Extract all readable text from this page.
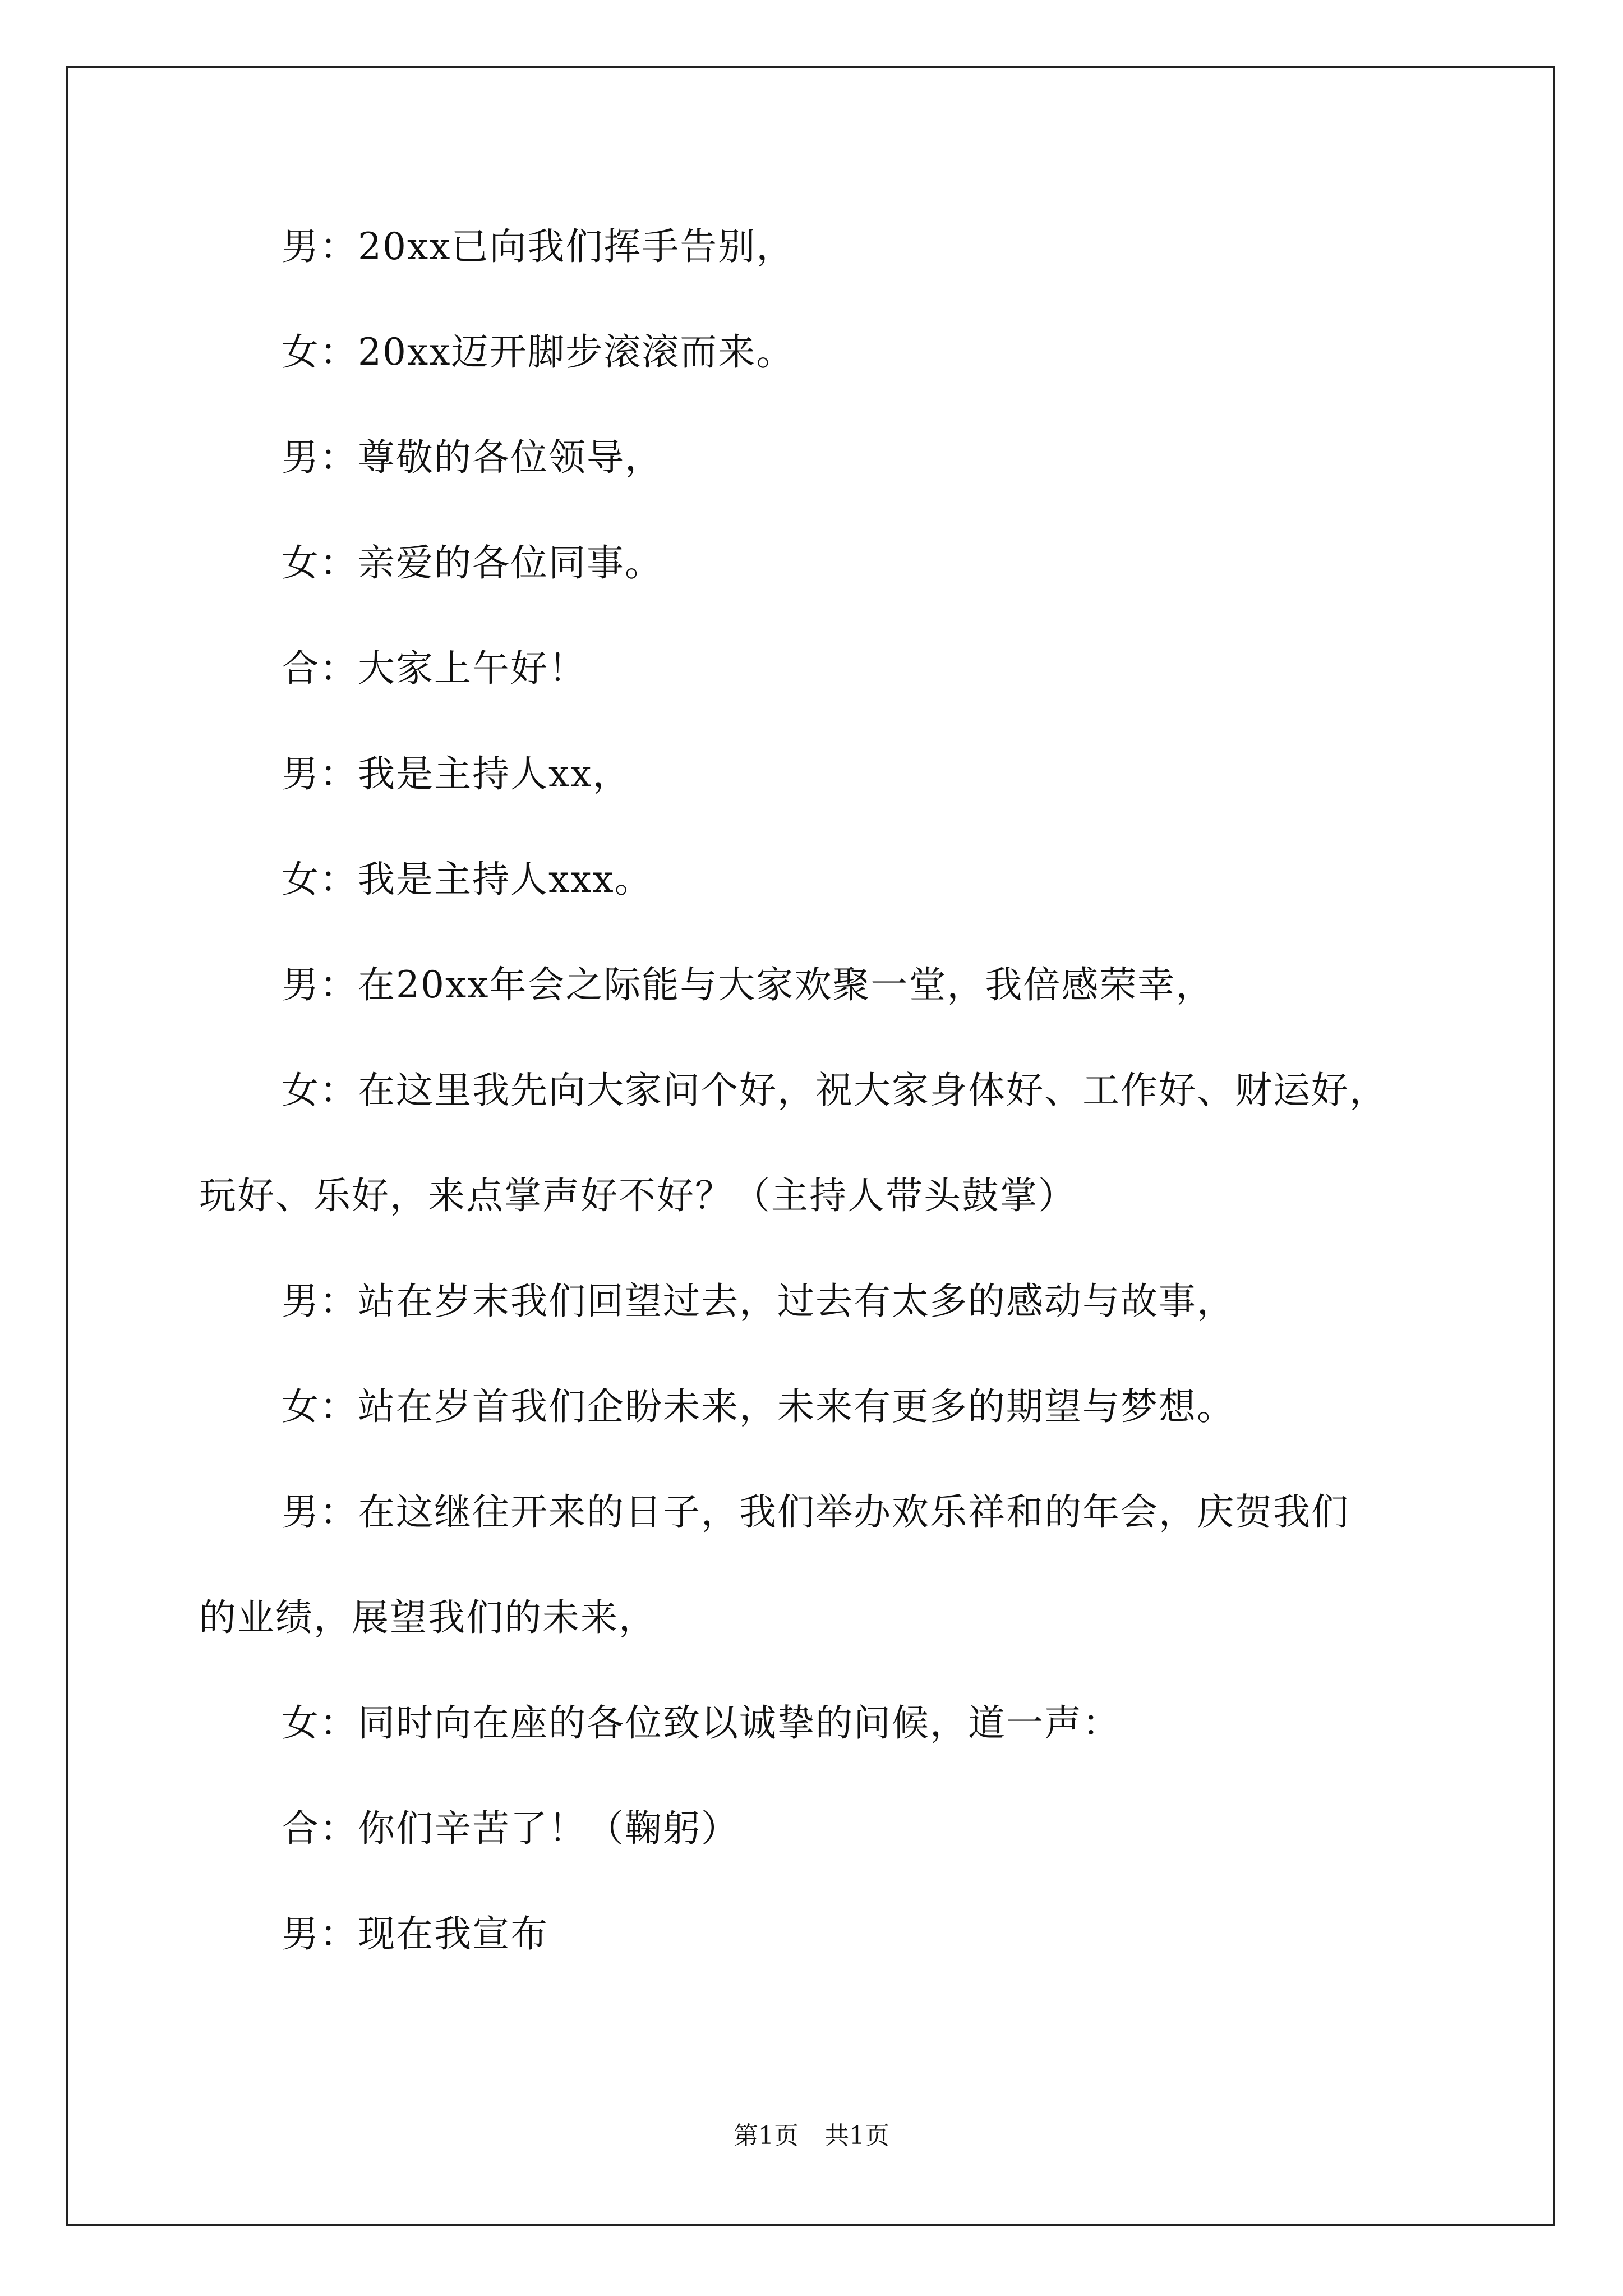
男：20xx已向我们挥手告别，
女：20xx迈开脚步滚滚而来。
男：尊敬的各位领导，
女：亲爱的各位同事。
合：大家上午好！
男：我是主持人xx，
女：我是主持人xxx。
男：在20xx年会之际能与大家欢聚一堂，我倍感荣幸，
女：在这里我先向大家问个好，祝大家身体好、工作好、财运好，
玩好、乐好，来点掌声好不好？（主持人带头鼓掌）
男：站在岁末我们回望过去，过去有太多的感动与故事，
女：站在岁首我们企盼未来，未来有更多的期望与梦想。
男：在这继往开来的日子，我们举办欢乐祥和的年会，庆贺我们
的业绩，展望我们的未来，
女：同时向在座的各位致以诚挚的问候，道一声：
合：你们辛苦了！（鞠躬）
男：现在我宣布
第1页 共1页
